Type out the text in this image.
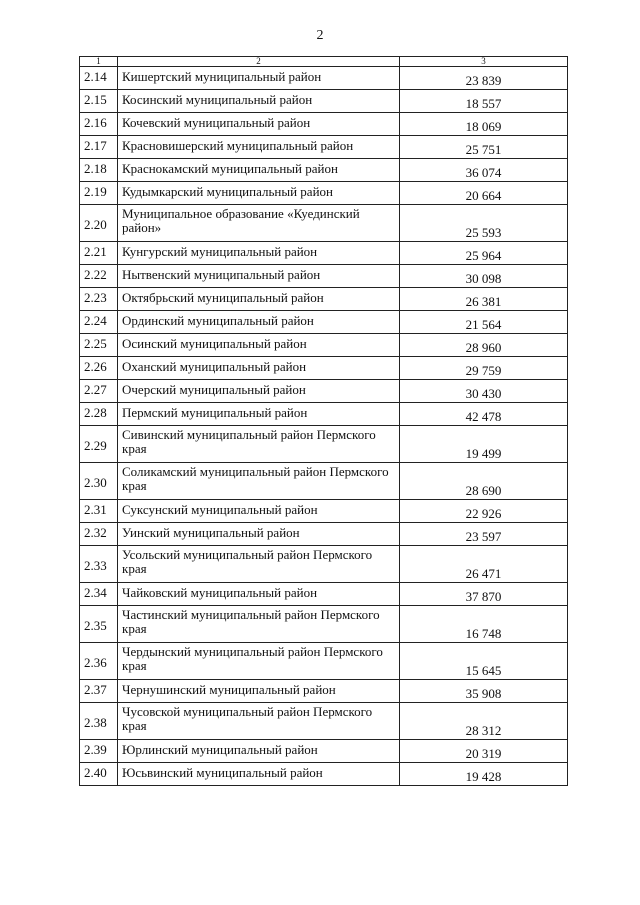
2
1	2	3
2.14	Кишертский муниципальный район	23 839
2.15	Косинский муниципальный район	18 557
2.16	Кочевский муниципальный район	18 069
2.17	Красновишерский муниципальный район	25 751
2.18	Краснокамский муниципальный район	36 074
2.19	Кудымкарский муниципальный район	20 664
2.20	Муниципальное образование «Куединский район»	25 593
2.21	Кунгурский муниципальный район	25 964
2.22	Нытвенский муниципальный район	30 098
2.23	Октябрьский муниципальный район	26 381
2.24	Ординский муниципальный район	21 564
2.25	Осинский муниципальный район	28 960
2.26	Оханский муниципальный район	29 759
2.27	Очерский муниципальный район	30 430
2.28	Пермский муниципальный район	42 478
2.29	Сивинский муниципальный район Пермского края	19 499
2.30	Соликамский муниципальный район Пермского края	28 690
2.31	Суксунский муниципальный район	22 926
2.32	Уинский муниципальный район	23 597
2.33	Усольский муниципальный район Пермского края	26 471
2.34	Чайковский муниципальный район	37 870
2.35	Частинский муниципальный район Пермского края	16 748
2.36	Чердынский муниципальный район Пермского края	15 645
2.37	Чернушинский муниципальный район	35 908
2.38	Чусовской муниципальный район Пермского края	28 312
2.39	Юрлинский муниципальный район	20 319
2.40	Юсьвинский муниципальный район	19 428
